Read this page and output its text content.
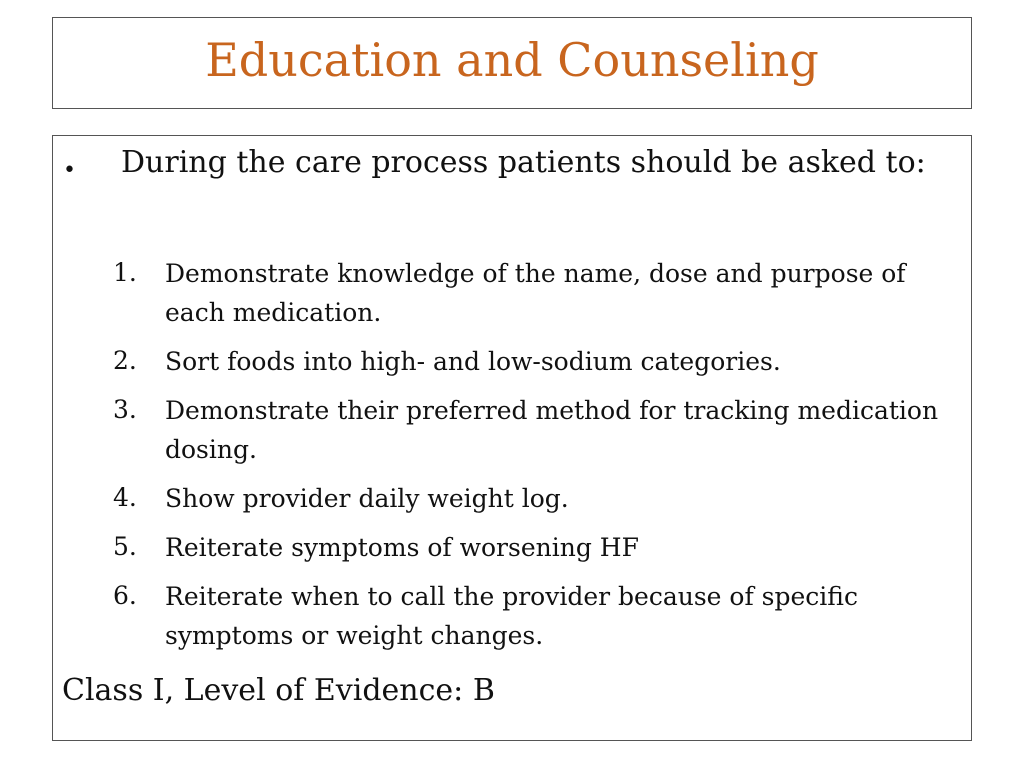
Education and Counseling
• During the care process patients should be asked to:
1. Demonstrate knowledge of the name, dose and purpose of each medication.
2. Sort foods into high- and low-sodium categories.
3. Demonstrate their preferred method for tracking medication dosing.
4. Show provider daily weight log.
5. Reiterate symptoms of worsening HF
6. Reiterate when to call the provider because of specific symptoms or weight changes.
Class I, Level of Evidence: B
